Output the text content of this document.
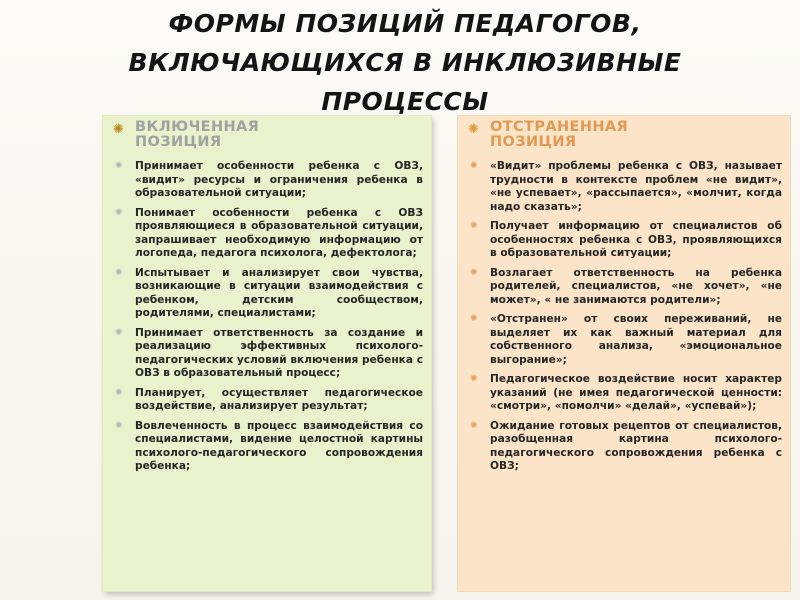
ФОРМЫ ПОЗИЦИЙ ПЕДАГОГОВ, ВКЛЮЧАЮЩИХСЯ В ИНКЛЮЗИВНЫЕ ПРОЦЕССЫ
✺ ВКЛЮЧЕННАЯ
ПОЗИЦИЯ
✺	Принимает особенности ребенка с ОВЗ, «видит» ресурсы и ограничения ребенка в образовательной ситуации;
✺	Понимает особенности ребенка с ОВЗ проявляющиеся в образовательной ситуации, запрашивает необходимую информацию от логопеда, педагога психолога, дефектолога;
✺	Испытывает и анализирует свои чувства, возникающие в ситуации взаимодействия с ребенком, детским сообществом, родителями, специалистами;
✺	Принимает ответственность за создание и реализацию эффективных психолого-педагогических условий включения ребенка с ОВЗ в образовательный процесс;
✺	Планирует, осуществляет педагогическое воздействие, анализирует результат;
✺	Вовлеченность в процесс взаимодействия со специалистами, видение целостной картины психолого-педагогического сопровождения ребенка;
✺ ОТСТРАНЕННАЯ
ПОЗИЦИЯ
✺	«Видит» проблемы ребенка с ОВЗ, называет трудности в контексте проблем «не видит», «не успевает», «рассыпается», «молчит, когда надо сказать»;
✺	Получает информацию от специалистов об особенностях ребенка с ОВЗ, проявляющихся в образовательной ситуации;
✺	Возлагает ответственность на ребенка родителей, специалистов, «не хочет», «не может», « не занимаются родители»;
✺	«Отстранен» от своих переживаний, не выделяет их как важный материал для собственного анализа, «эмоциональное выгорание»;
✺	Педагогическое воздействие носит характер указаний (не имея педагогической ценности: «смотри», «помолчи» «делай», «успевай»);
✺	Ожидание готовых рецептов от специалистов, разобщенная картина психолого-педагогического сопровождения ребенка с ОВЗ;
